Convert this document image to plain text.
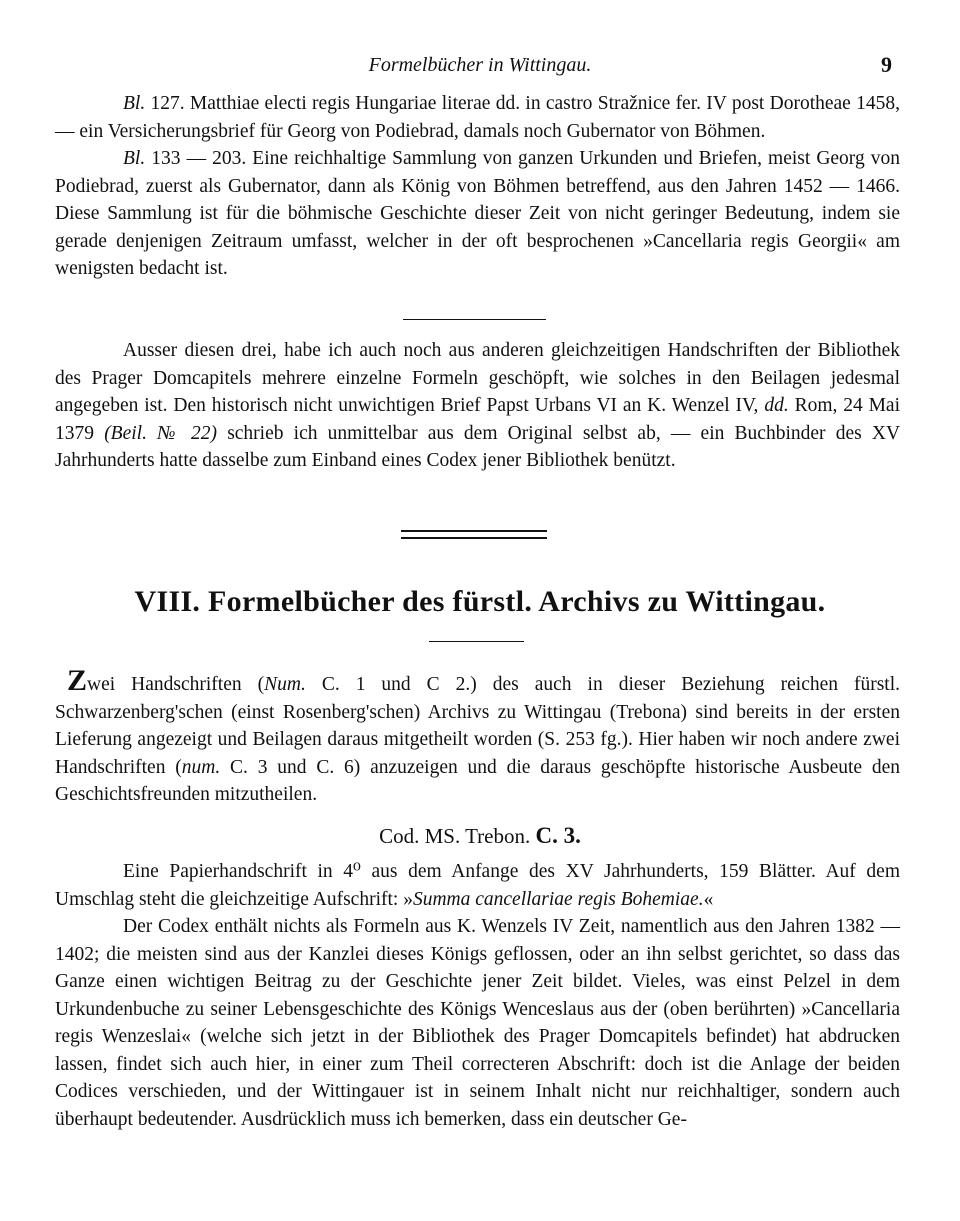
Formelbücher in Wittingau.	9

Bl. 127. Matthiae electi regis Hungariae literae dd. in castro Stražnice fer. IV post Dorotheae 1458, — ein Versicherungsbrief für Georg von Podiebrad, damals noch Gubernator von Böhmen.

Bl. 133 — 203. Eine reichhaltige Sammlung von ganzen Urkunden und Briefen, meist Georg von Podiebrad, zuerst als Gubernator, dann als König von Böhmen betreffend, aus den Jahren 1452 — 1466. Diese Sammlung ist für die böhmische Geschichte dieser Zeit von nicht geringer Bedeutung, indem sie gerade denjenigen Zeitraum umfasst, welcher in der oft besprochenen »Cancellaria regis Georgii« am wenigsten bedacht ist.

Ausser diesen drei, habe ich auch noch aus anderen gleichzeitigen Handschriften der Bibliothek des Prager Domcapitels mehrere einzelne Formeln geschöpft, wie solches in den Beilagen jedesmal angegeben ist. Den historisch nicht unwichtigen Brief Papst Urbans VI an K. Wenzel IV, dd. Rom, 24 Mai 1379 (Beil. № 22) schrieb ich unmittelbar aus dem Original selbst ab, — ein Buchbinder des XV Jahrhunderts hatte dasselbe zum Einband eines Codex jener Bibliothek benützt.

VIII. Formelbücher des fürstl. Archivs zu Wittingau.

Zwei Handschriften (Num. C. 1 und C 2.) des auch in dieser Beziehung reichen fürstl. Schwarzenberg'schen (einst Rosenberg'schen) Archivs zu Wittingau (Trebona) sind bereits in der ersten Lieferung angezeigt und Beilagen daraus mitgetheilt worden (S. 253 fg.). Hier haben wir noch andere zwei Handschriften (num. C. 3 und C. 6) anzuzeigen und die daraus geschöpfte historische Ausbeute den Geschichtsfreunden mitzutheilen.

Cod. MS. Trebon. C. 3.

Eine Papierhandschrift in 4⁰ aus dem Anfange des XV Jahrhunderts, 159 Blätter. Auf dem Umschlag steht die gleichzeitige Aufschrift: »Summa cancellariae regis Bohemiae.«

Der Codex enthält nichts als Formeln aus K. Wenzels IV Zeit, namentlich aus den Jahren 1382 — 1402; die meisten sind aus der Kanzlei dieses Königs geflossen, oder an ihn selbst gerichtet, so dass das Ganze einen wichtigen Beitrag zu der Geschichte jener Zeit bildet. Vieles, was einst Pelzel in dem Urkundenbuche zu seiner Lebensgeschichte des Königs Wenceslaus aus der (oben berührten) »Cancellaria regis Wenzeslai« (welche sich jetzt in der Bibliothek des Prager Domcapitels befindet) hat abdrucken lassen, findet sich auch hier, in einer zum Theil correcteren Abschrift: doch ist die Anlage der beiden Codices verschieden, und der Wittingauer ist in seinem Inhalt nicht nur reichhaltiger, sondern auch überhaupt bedeutender. Ausdrücklich muss ich bemerken, dass ein deutscher Ge-
